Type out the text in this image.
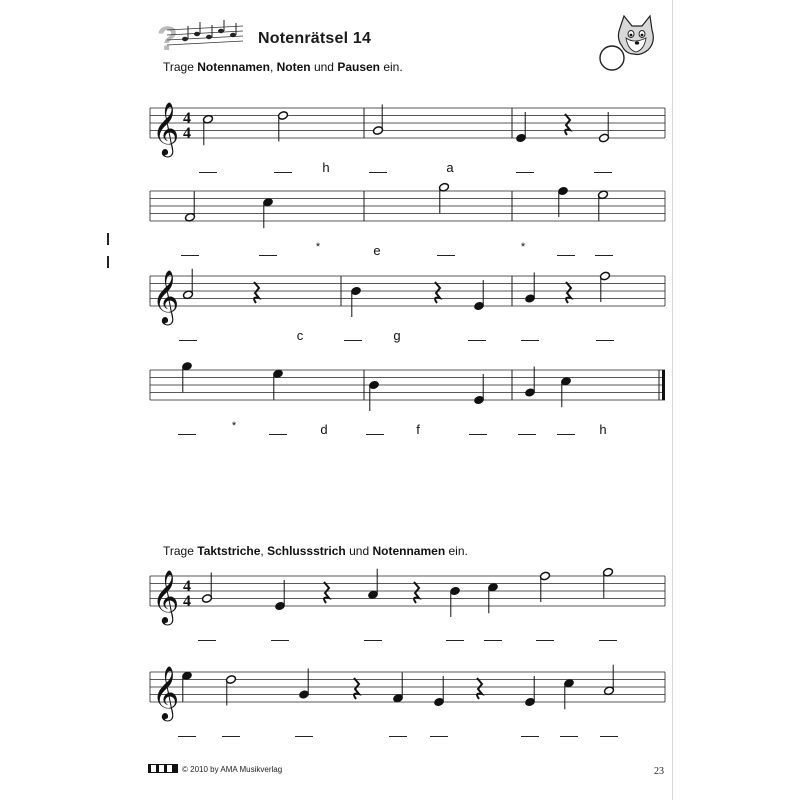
?	Notenrätsel 14
Trage Notennamen, Noten und Pausen ein.
Trage Taktstriche, Schlussstrich und Notennamen ein.
𝄞 4
4
𝄞
𝄞 4
4
𝄞
h	a
*	e	*
c	g
*	d	f	h
© 2010 by AMA Musikverlag	23
